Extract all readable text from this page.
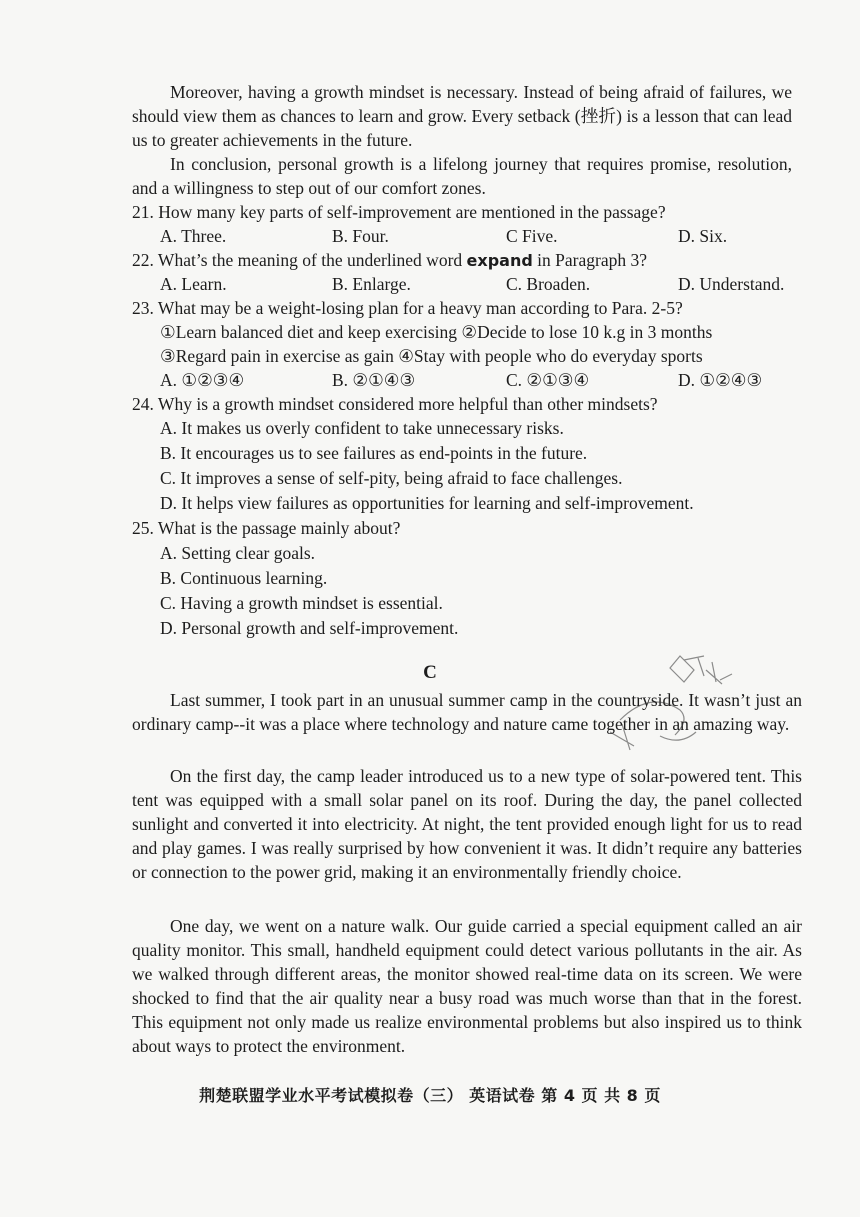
Moreover, having a growth mindset is necessary. Instead of being afraid of failures, we should view them as chances to learn and grow. Every setback (挫折) is a lesson that can lead us to greater achievements in the future.

In conclusion, personal growth is a lifelong journey that requires promise, resolution, and a willingness to step out of our comfort zones.

21. How many key parts of self-improvement are mentioned in the passage?

A. Three.	B. Four.	C Five.	D. Six.

22. What’s the meaning of the underlined word expand in Paragraph 3?

A. Learn.	B. Enlarge.	C. Broaden.	D. Understand.

23. What may be a weight-losing plan for a heavy man according to Para. 2-5?

①Learn balanced diet and keep exercising ②Decide to lose 10 k.g in 3 months

③Regard pain in exercise as gain ④Stay with people who do everyday sports

A. ①②③④	B. ②①④③	C. ②①③④	D. ①②④③

24. Why is a growth mindset considered more helpful than other mindsets?

A. It makes us overly confident to take unnecessary risks.

B. It encourages us to see failures as end-points in the future.

C. It improves a sense of self-pity, being afraid to face challenges.

D. It helps view failures as opportunities for learning and self-improvement.

25. What is the passage mainly about?

A. Setting clear goals.

B. Continuous learning.

C. Having a growth mindset is essential.

D. Personal growth and self-improvement.

C

Last summer, I took part in an unusual summer camp in the countryside. It wasn’t just an ordinary camp--it was a place where technology and nature came together in an amazing way.

On the first day, the camp leader introduced us to a new type of solar-powered tent. This tent was equipped with a small solar panel on its roof. During the day, the panel collected sunlight and converted it into electricity. At night, the tent provided enough light for us to read and play games. I was really surprised by how convenient it was. It didn’t require any batteries or connection to the power grid, making it an environmentally friendly choice.

One day, we went on a nature walk. Our guide carried a special equipment called an air quality monitor. This small, handheld equipment could detect various pollutants in the air. As we walked through different areas, the monitor showed real-time data on its screen. We were shocked to find that the air quality near a busy road was much worse than that in the forest. This equipment not only made us realize environmental problems but also inspired us to think about ways to protect the environment.

荆楚联盟学业水平考试模拟卷（三） 英语试卷 第 4 页 共 8 页
